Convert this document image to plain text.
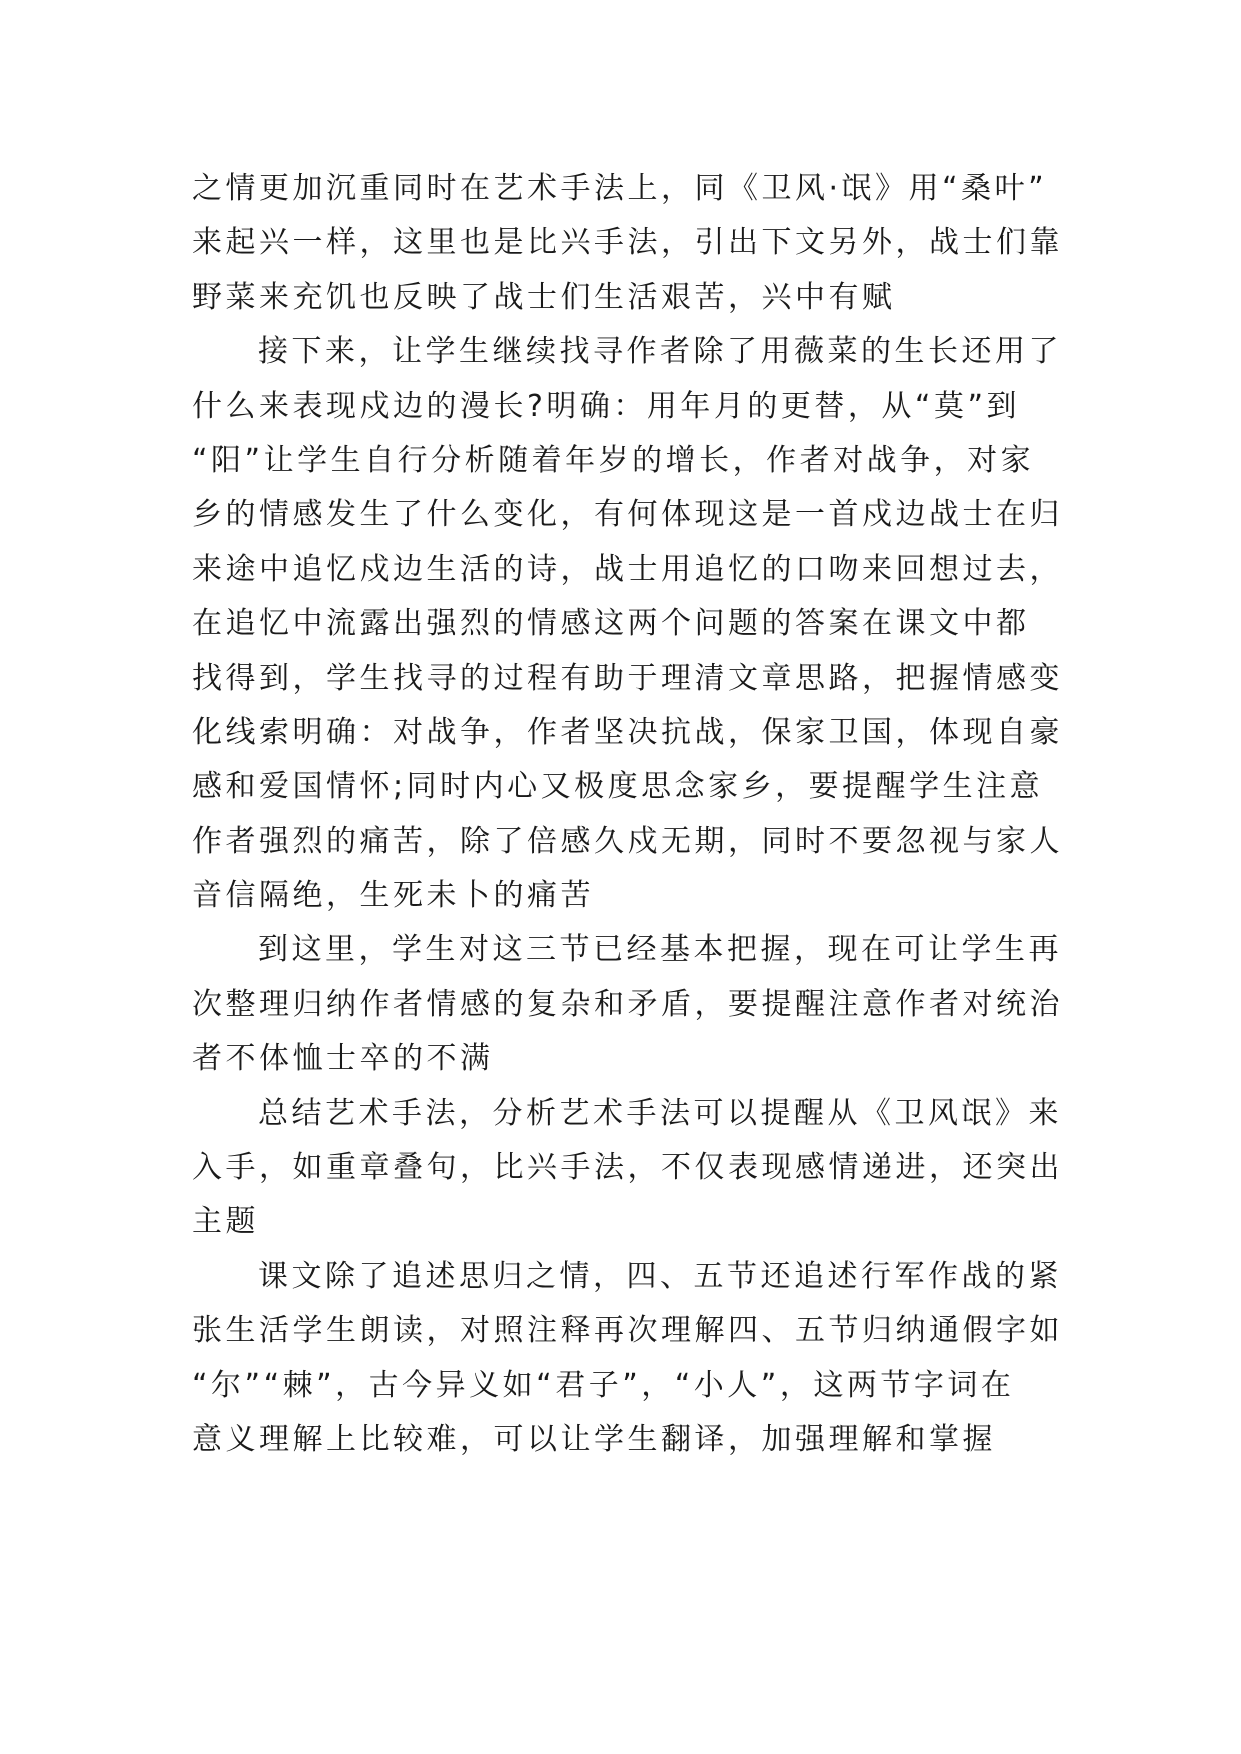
之情更加沉重同时在艺术手法上，同《卫风·氓》用“桑叶”
来起兴一样，这里也是比兴手法，引出下文另外，战士们靠
野菜来充饥也反映了战士们生活艰苦，兴中有赋
接下来，让学生继续找寻作者除了用薇菜的生长还用了
什么来表现戍边的漫长?明确：用年月的更替，从“莫”到
“阳”让学生自行分析随着年岁的增长，作者对战争，对家
乡的情感发生了什么变化，有何体现这是一首戍边战士在归
来途中追忆戍边生活的诗，战士用追忆的口吻来回想过去，
在追忆中流露出强烈的情感这两个问题的答案在课文中都
找得到，学生找寻的过程有助于理清文章思路，把握情感变
化线索明确：对战争，作者坚决抗战，保家卫国，体现自豪
感和爱国情怀;同时内心又极度思念家乡，要提醒学生注意
作者强烈的痛苦，除了倍感久戍无期，同时不要忽视与家人
音信隔绝，生死未卜的痛苦
到这里，学生对这三节已经基本把握，现在可让学生再
次整理归纳作者情感的复杂和矛盾，要提醒注意作者对统治
者不体恤士卒的不满
总结艺术手法，分析艺术手法可以提醒从《卫风氓》来
入手，如重章叠句，比兴手法，不仅表现感情递进，还突出
主题
课文除了追述思归之情，四、五节还追述行军作战的紧
张生活学生朗读，对照注释再次理解四、五节归纳通假字如
“尔”“棘”，古今异义如“君子”，“小人”，这两节字词在
意义理解上比较难，可以让学生翻译，加强理解和掌握
